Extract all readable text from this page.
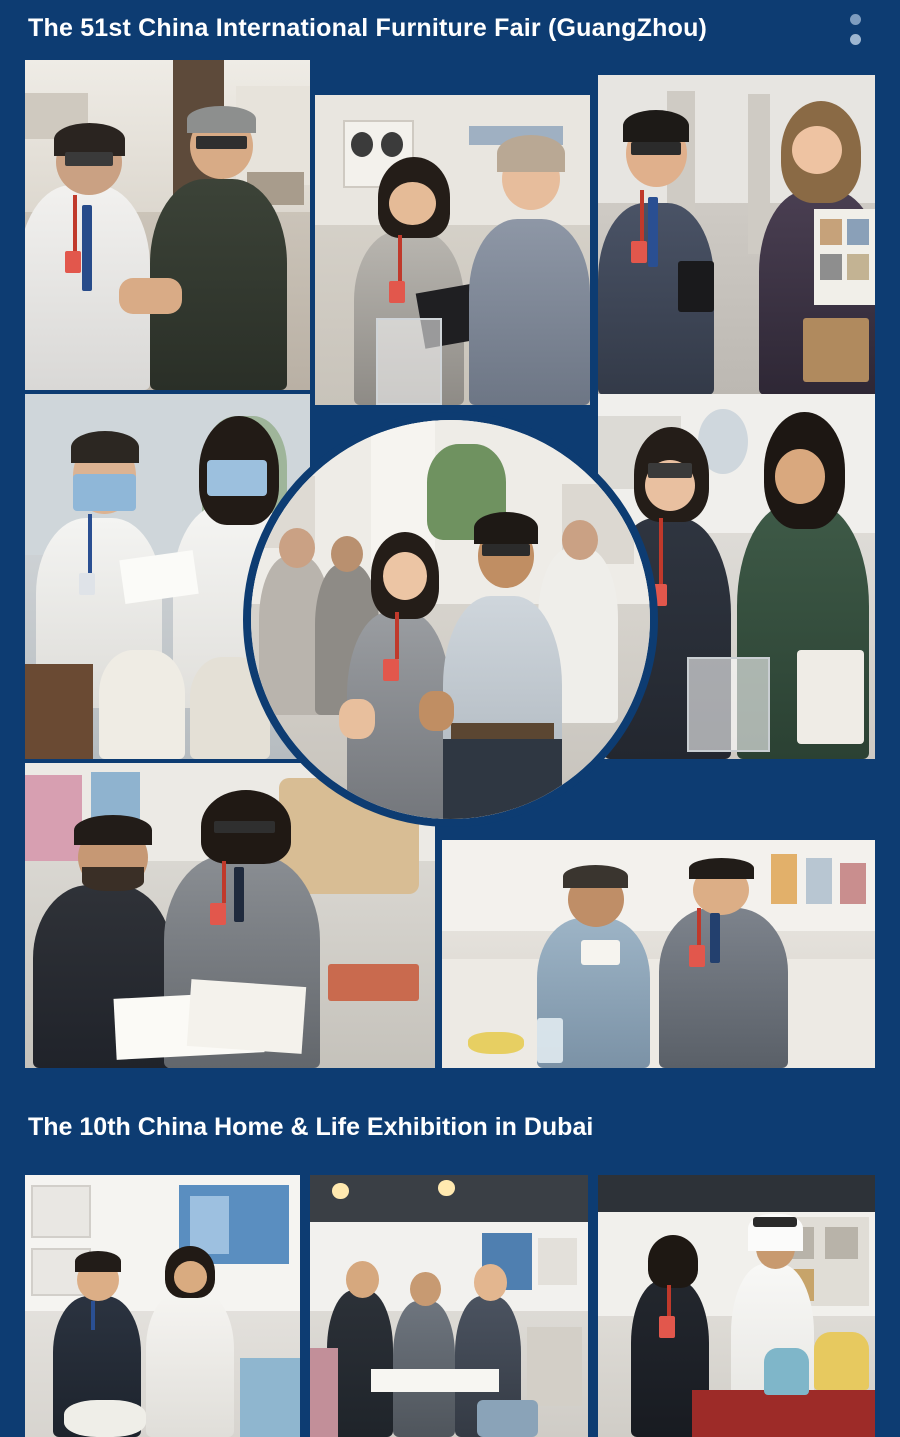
The 51st China International Furniture Fair (GuangZhou)
The 10th China Home & Life Exhibition in Dubai
